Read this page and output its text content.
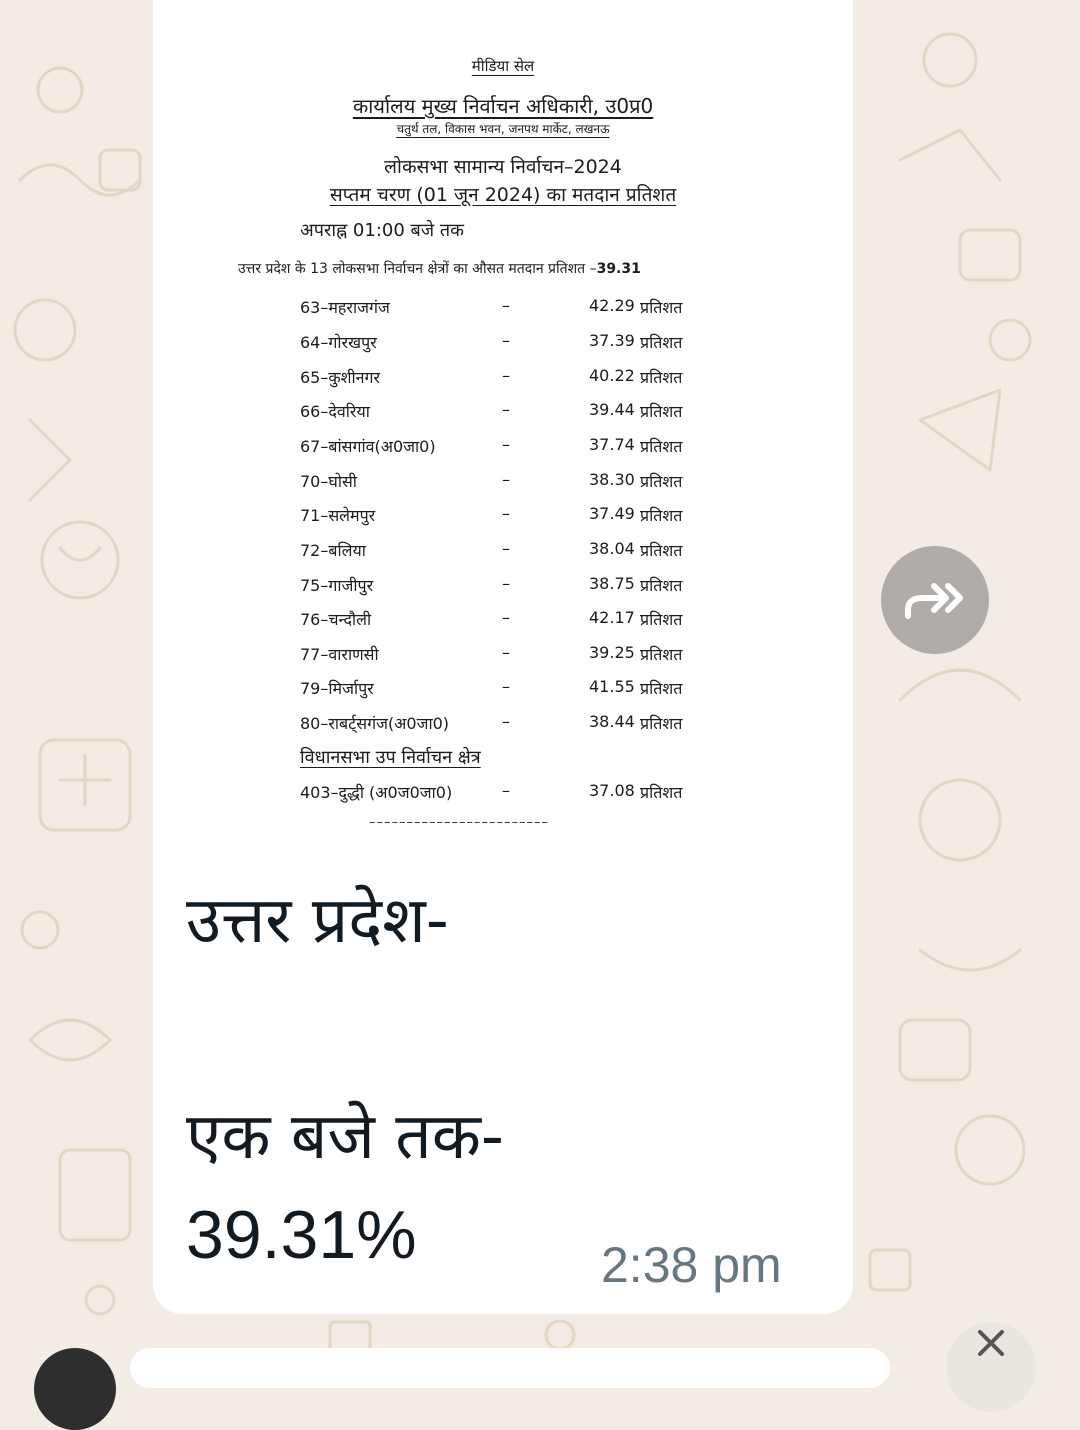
मीडिया सेल
कार्यालय मुख्य निर्वाचन अधिकारी, उ0प्र0
चतुर्थ तल, विकास भवन, जनपथ मार्केट, लखनऊ
लोकसभा सामान्य निर्वाचन–2024
सप्तम चरण (01 जून 2024) का मतदान प्रतिशत
अपराह्न 01:00 बजे तक
उत्तर प्रदेश के 13 लोकसभा निर्वाचन क्षेत्रों का औसत मतदान प्रतिशत –39.31
63–महराजगंज	–	42.29 प्रतिशत
64–गोरखपुर	–	37.39 प्रतिशत
65–कुशीनगर	–	40.22 प्रतिशत
66–देवरिया	–	39.44 प्रतिशत
67–बांसगांव(अ0जा0)	–	37.74 प्रतिशत
70–घोसी	–	38.30 प्रतिशत
71–सलेमपुर	–	37.49 प्रतिशत
72–बलिया	–	38.04 प्रतिशत
75–गाजीपुर	–	38.75 प्रतिशत
76–चन्दौली	–	42.17 प्रतिशत
77–वाराणसी	–	39.25 प्रतिशत
79–मिर्जापुर	–	41.55 प्रतिशत
80–राबर्ट्सगंज(अ0जा0)	–	38.44 प्रतिशत
विधानसभा उप निर्वाचन क्षेत्र
403–दुद्धी (अ0ज0जा0)	–	37.08 प्रतिशत
––––––––––––––––––––––––
उत्तर प्रदेश-
एक बजे तक-
39.31%	2:38 pm
